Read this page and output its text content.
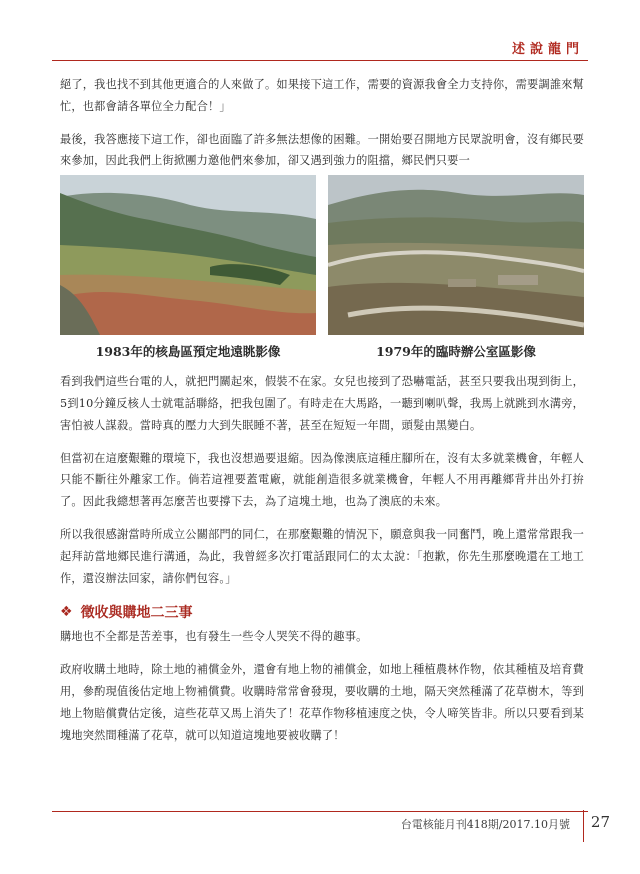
述說龍門

絕了，我也找不到其他更適合的人來做了。如果接下這工作，需要的資源我會全力支持你，需要調誰來幫忙，也都會請各單位全力配合！」

最後，我答應接下這工作，卻也面臨了許多無法想像的困難。一開始要召開地方民眾說明會，沒有鄉民要來參加，因此我們上街掀團力邀他們來參加，卻又遇到強力的阻擋，鄉民們只要一

1983年的核島區預定地遠眺影像	1979年的臨時辦公室區影像

看到我們這些台電的人，就把門關起來，假裝不在家。女兒也接到了恐嚇電話，甚至只要我出現到街上，5到10分鐘反核人士就電話聯絡，把我包圍了。有時走在大馬路，一聽到喇叭聲，我馬上就跳到水溝旁，害怕被人謀殺。當時真的壓力大到失眠睡不著，甚至在短短一年間，頭髮由黑變白。

但當初在這麼艱難的環境下，我也沒想過要退縮。因為像澳底這種庄腳所在，沒有太多就業機會，年輕人只能不斷往外離家工作。倘若這裡要蓋電廠，就能創造很多就業機會，年輕人不用再離鄉背井出外打拚了。因此我總想著再怎麼苦也要撐下去，為了這塊土地，也為了澳底的未來。

所以我很感謝當時所成立公關部門的同仁，在那麼艱難的情況下，願意與我一同奮鬥，晚上還常常跟我一起拜訪當地鄉民進行溝通，為此，我曾經多次打電話跟同仁的太太說：「抱歉，你先生那麼晚還在工地工作，還沒辦法回家，請你們包容。」

❖ 徵收與購地二三事

購地也不全都是苦差事，也有發生一些令人哭笑不得的趣事。

政府收購土地時，除土地的補償金外，還會有地上物的補償金，如地上種植農林作物，依其種植及培育費用，參酌現值後估定地上物補償費。收購時常常會發現，要收購的土地，隔天突然種滿了花草樹木，等到地上物賠償費估定後，這些花草又馬上消失了！花草作物移植速度之快，令人啼笑皆非。所以只要看到某塊地突然間種滿了花草，就可以知道這塊地要被收購了！

台電核能月刊418期/2017.10月號 27
